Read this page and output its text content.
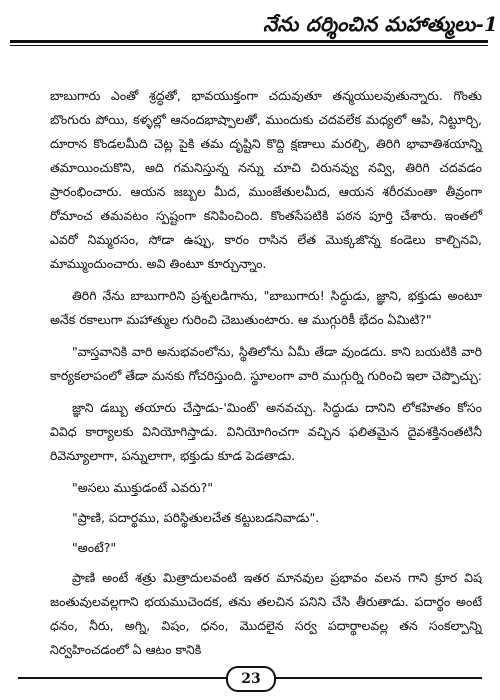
నేను దర్శించిన మహాత్ములు-1

బాబుగారు ఎంతో శ్రద్ధతో, భావయుక్తంగా చదువుతూ తన్మయులవుతున్నారు. గొంతు బొంగురు పోయి, కళ్ళల్లో ఆనందభాష్పాలతో, ముందుకు చదవలేక మధ్యలో ఆపి, నిట్టూర్చి, దూరాన కొండలమీది చెట్ల పైకి తమ దృష్టిని కొద్ది క్షణాలు మరల్చి, తిరిగి భావాతిశయాన్ని తమాయించుకొని, అది గమనిస్తున్న నన్ను చూచి చిరునవ్వు నవ్వి, తిరిగి చదవడం ప్రారంభించారు. ఆయన జబ్బల మీద, ముంజేతులమీద, ఆయన శరీరమంతా తీవ్రంగా రోమాంచ తమవటం స్పష్టంగా కనిపించింది. కొంతసేపటికి పఠన పూర్తి చేశారు. ఇంతలో ఎవరో నిమ్మరసం, సోడా ఉప్పు, కారం రాసిన లేత మొక్కజొన్న కండెలు కాల్చినవి, మామ్ముందుంచారు. అవి తింటూ కూర్చున్నాం.

తిరిగి నేను బాబుగారిని ప్రశ్నలడిగాను, "బాబుగారు! సిద్ధుడు, జ్ఞాని, భక్తుడు అంటూ అనేక రకాలుగా మహాత్ముల గురించి చెబుతుంటారు. ఆ ముగ్గురికీ భేదం ఏమిటి?"

"వాస్తవానికి వారి అనుభవంలోను, స్థితిలోను ఏమీ తేడా వుండదు. కాని బయటికి వారి కార్యకలాపంలో తేడా మనకు గోచరిస్తుంది. స్థూలంగా వారి ముగ్గుర్ని గురించి ఇలా చెప్పొచ్చు:

జ్ఞాని డబ్బు తయారు చేస్తాడు-'మింట్' అనవచ్చు. సిద్ధుడు దానిని లోకహితం కోసం వివిధ కార్యాలకు వినియోగిస్తాడు. వినియోగించగా వచ్చిన ఫలితమైన దైవశక్తినంతటినీ రివెన్యూలాగా, పన్నులాగా, భక్తుడు కూడ పెడతాడు.

"అసలు ముక్తుడంటే ఎవరు?"

"ప్రాణి, పదార్థము, పరిస్థితులచేత కట్టుబడనివాడు".

"అంటే?"

ప్రాణి అంటే శత్రు మిత్రాదులవంటి ఇతర మానవుల ప్రభావం వలన గాని క్రూర విష జంతువులవల్లగాని భయముచెందక, తను తలచిన పనిని చేసి తీరుతాడు. పదార్థం అంటే ధనం, నీరు, అగ్ని, విషం, ధనం, మొదలైన సర్వ పదార్థాలవల్ల తన సంకల్పాన్ని నిర్వహించడంలో ఏ ఆటం కానికి

23
